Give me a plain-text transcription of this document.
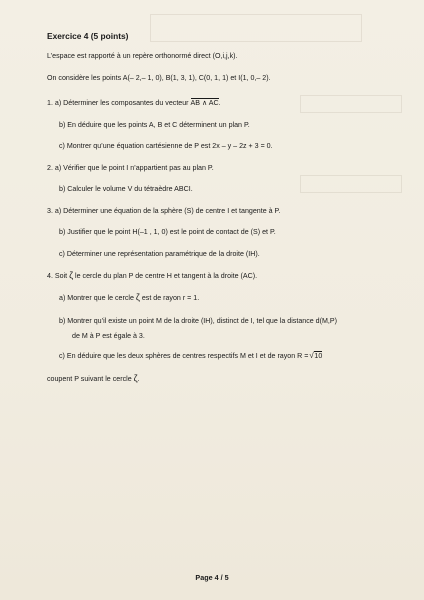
Exercice 4 (5 points)
L’espace est rapporté à un repère orthonormé direct (O,i,j,k).
On considère les points A(– 2,– 1, 0), B(1, 3, 1), C(0, 1, 1) et I(1, 0,– 2).
1. a) Déterminer les composantes du vecteur AB ∧ AC.
b) En déduire que les points A, B et C déterminent un plan P.
c) Montrer qu’une équation cartésienne de P est 2x – y – 2z + 3 = 0.
2. a) Vérifier que le point I n’appartient pas au plan P.
b) Calculer le volume V du tétraèdre ABCI.
3. a) Déterminer une équation de la sphère (S) de centre I et tangente à P.
b) Justifier que le point H(–1 , 1, 0) est le point de contact de (S) et P.
c) Déterminer une représentation paramétrique de la droite (IH).
4. Soit ζ le cercle du plan P de centre H et tangent à la droite (AC).
a) Montrer que le cercle ζ est de rayon r = 1.
b) Montrer qu’il existe un point M de la droite (IH), distinct de I, tel que la distance d(M,P)
de M à P est égale à 3.
c) En déduire que les deux sphères de centres respectifs M et I et de rayon R = √ 10
coupent P suivant le cercle ζ.
Page 4 / 5
